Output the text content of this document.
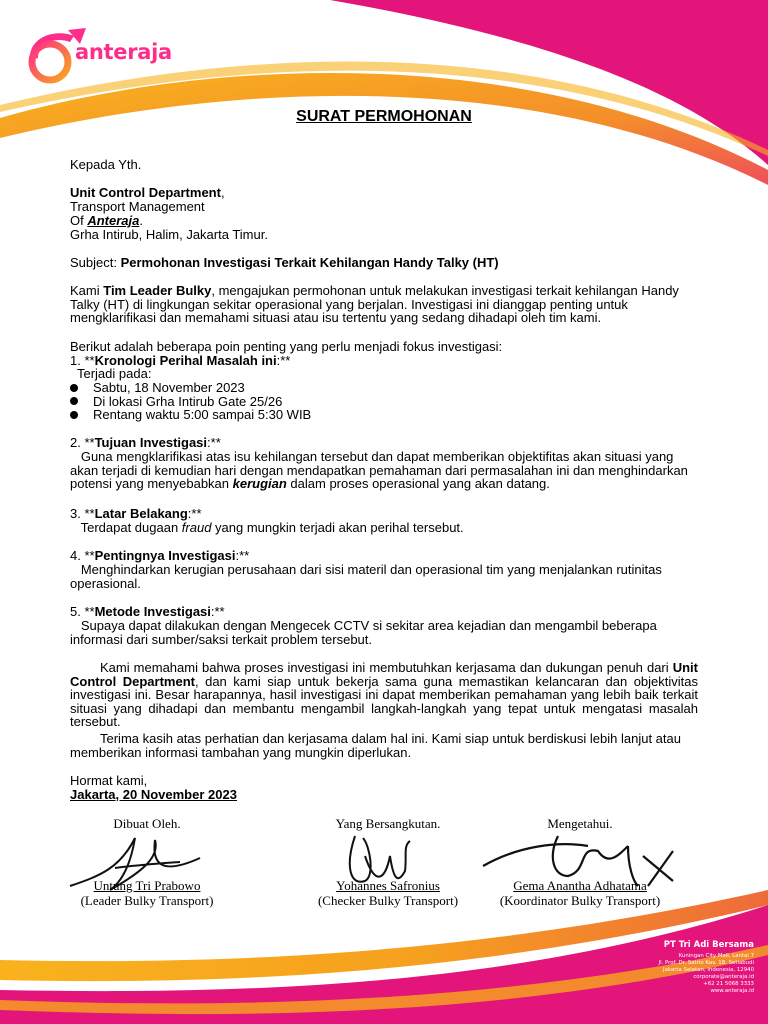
anteraja
SURAT PERMOHONAN
Kepada Yth.
Unit Control Department,
Transport Management
Of Anteraja.
Grha Intirub, Halim, Jakarta Timur.
Subject: Permohonan Investigasi Terkait Kehilangan Handy Talky (HT)
Kami Tim Leader Bulky, mengajukan permohonan untuk melakukan investigasi terkait kehilangan Handy Talky (HT) di lingkungan sekitar operasional yang berjalan. Investigasi ini dianggap penting untuk mengklarifikasi dan memahami situasi atau isu tertentu yang sedang dihadapi oleh tim kami.
Berikut adalah beberapa poin penting yang perlu menjadi fokus investigasi:
1. **Kronologi Perihal Masalah ini:**
Terjadi pada:
Sabtu, 18 November 2023
Di lokasi Grha Intirub Gate 25/26
Rentang waktu 5:00 sampai 5:30 WIB
2. **Tujuan Investigasi:**
Guna mengklarifikasi atas isu kehilangan tersebut dan dapat memberikan objektifitas akan situasi yang akan terjadi di kemudian hari dengan mendapatkan pemahaman dari permasalahan ini dan menghindarkan potensi yang menyebabkan kerugian dalam proses operasional yang akan datang.
3. **Latar Belakang:**
Terdapat dugaan fraud yang mungkin terjadi akan perihal tersebut.
4. **Pentingnya Investigasi:**
Menghindarkan kerugian perusahaan dari sisi materil dan operasional tim yang menjalankan rutinitas operasional.
5. **Metode Investigasi:**
Supaya dapat dilakukan dengan Mengecek CCTV si sekitar area kejadian dan mengambil beberapa informasi dari sumber/saksi terkait problem tersebut.
Kami memahami bahwa proses investigasi ini membutuhkan kerjasama dan dukungan penuh dari Unit Control Department, dan kami siap untuk bekerja sama guna memastikan kelancaran dan objektivitas investigasi ini. Besar harapannya, hasil investigasi ini dapat memberikan pemahaman yang lebih baik terkait situasi yang dihadapi dan membantu mengambil langkah-langkah yang tepat untuk mengatasi masalah tersebut.
Terima kasih atas perhatian dan kerjasama dalam hal ini. Kami siap untuk berdiskusi lebih lanjut atau memberikan informasi tambahan yang mungkin diperlukan.
Hormat kami,
Jakarta, 20 November 2023
Dibuat Oleh.
Untung Tri Prabowo
(Leader Bulky Transport)
Yang Bersangkutan.
Yohannes Safronius
(Checker Bulky Transport)
Mengetahui.
Gema Anantha Adhatama
(Koordinator Bulky Transport)
PT Tri Adi Bersama
Kuningan City Mall, Lantai 7
Jl. Prof. Dr. Satrio Kav. 18, Setiabudi
Jakarta Selatan, Indonesia, 12940
corporate@anteraja.id
+62 21 5068 3333
www.anteraja.id
